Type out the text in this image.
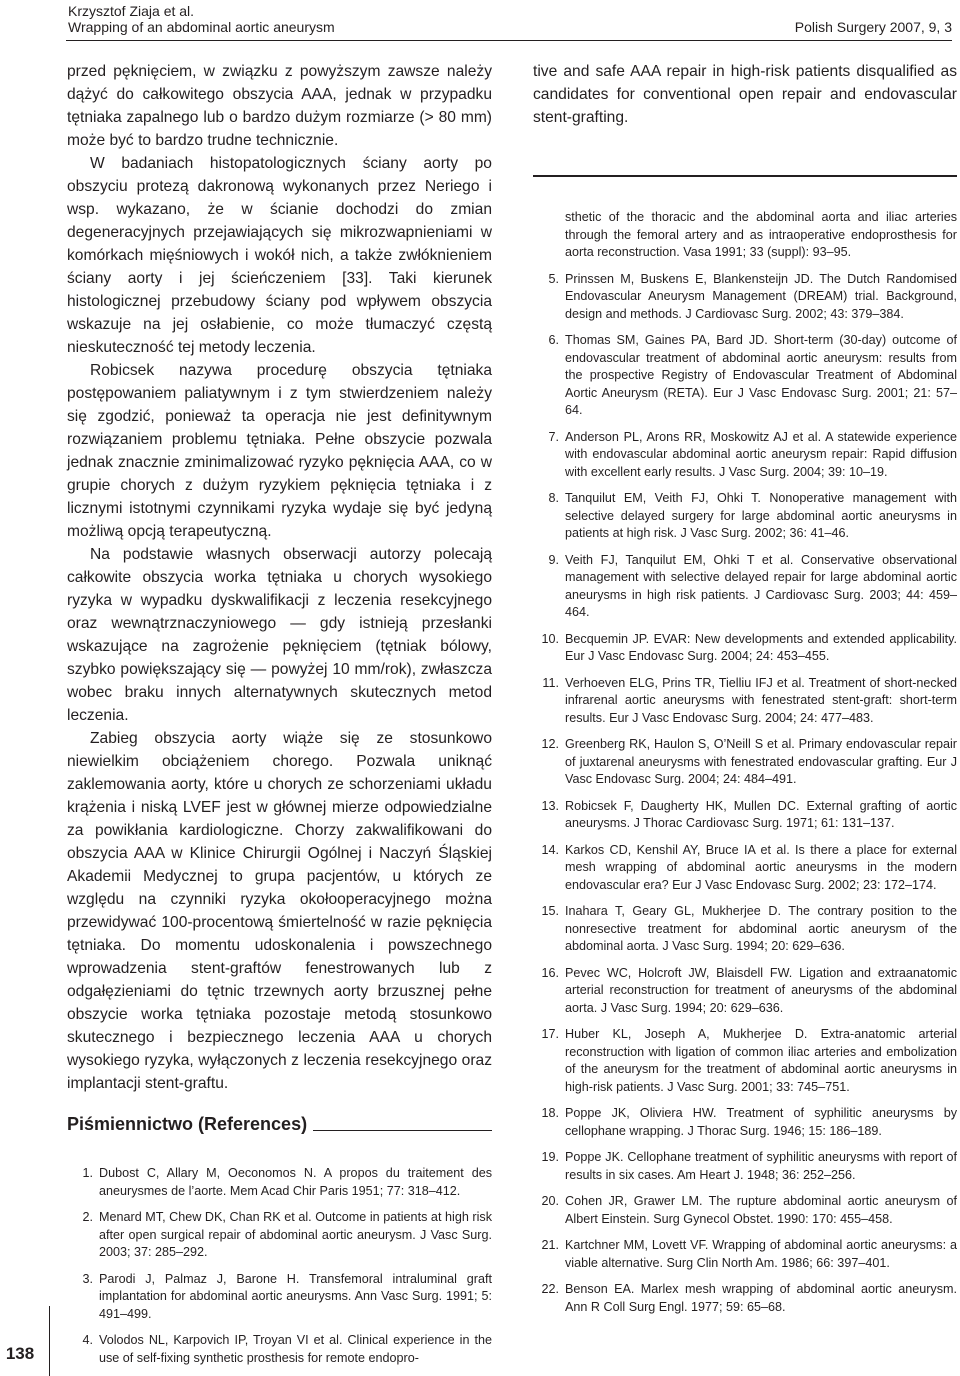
Krzysztof Ziaja et al.
Wrapping of an abdominal aortic aneurysm	Polish Surgery 2007, 9, 3

przed pęknięciem, w związku z powyższym zawsze należy dążyć do całkowitego obszycia AAA, jednak w przypadku tętniaka zapalnego lub o bardzo dużym rozmiarze (> 80 mm) może być to bardzo trudne technicznie.

W badaniach histopatologicznych ściany aorty po obszyciu protezą dakronową wykonanych przez Neriego i wsp. wykazano, że w ścianie dochodzi do zmian degeneracyjnych przejawiających się mikrozwapnieniami w komórkach mięśniowych i wokół nich, a także zwłóknieniem ściany aorty i jej ścieńczeniem [33]. Taki kierunek histologicznej przebudowy ściany pod wpływem obszycia wskazuje na jej osłabienie, co może tłumaczyć częstą nieskuteczność tej metody leczenia.

Robicsek nazywa procedurę obszycia tętniaka postępowaniem paliatywnym i z tym stwierdzeniem należy się zgodzić, ponieważ ta operacja nie jest definitywnym rozwiązaniem problemu tętniaka. Pełne obszycie pozwala jednak znacznie zminimalizować ryzyko pęknięcia AAA, co w grupie chorych z dużym ryzykiem pęknięcia tętniaka i z licznymi istotnymi czynnikami ryzyka wydaje się być jedyną możliwą opcją terapeutyczną.

Na podstawie własnych obserwacji autorzy polecają całkowite obszycia worka tętniaka u chorych wysokiego ryzyka w wypadku dyskwalifikacji z leczenia resekcyjnego oraz wewnątrznaczyniowego — gdy istnieją przesłanki wskazujące na zagrożenie pęknięciem (tętniak bólowy, szybko powiększający się — powyżej 10 mm/rok), zwłaszcza wobec braku innych alternatywnych skutecznych metod leczenia.

Zabieg obszycia aorty wiąże się ze stosunkowo niewielkim obciążeniem chorego. Pozwala uniknąć zaklemowania aorty, które u chorych ze schorzeniami układu krążenia i niską LVEF jest w głównej mierze odpowiedzialne za powikłania kardiologiczne. Chorzy zakwalifikowani do obszycia AAA w Klinice Chirurgii Ogólnej i Naczyń Śląskiej Akademii Medycznej to grupa pacjentów, u których ze względu na czynniki ryzyka okołooperacyjnego można przewidywać 100-procentową śmiertelność w razie pęknięcia tętniaka. Do momentu udoskonalenia i powszechnego wprowadzenia stent-graftów fenestrowanych lub z odgałęzieniami do tętnic trzewnych aorty brzusznej pełne obszycie worka tętniaka pozostaje metodą stosunkowo skutecznego i bezpiecznego leczenia AAA u chorych wysokiego ryzyka, wyłączonych z leczenia resekcyjnego oraz implantacji stent-graftu.

tive and safe AAA repair in high-risk patients disqualified as candidates for conventional open repair and endovascular stent-grafting.

Piśmiennictwo (References)
1. Dubost C, Allary M, Oeconomos N. A propos du traitement des aneurysmes de l’aorte. Mem Acad Chir Paris 1951; 77: 318–412.
2. Menard MT, Chew DK, Chan RK et al. Outcome in patients at high risk after open surgical repair of abdominal aortic aneurysm. J Vasc Surg. 2003; 37: 285–292.
3. Parodi J, Palmaz J, Barone H. Transfemoral intraluminal graft implantation for abdominal aortic aneurysms. Ann Vasc Surg. 1991; 5: 491–499.
4. Volodos NL, Karpovich IP, Troyan VI et al. Clinical experience in the use of self-fixing synthetic prosthesis for remote endopro-
sthetic of the thoracic and the abdominal aorta and iliac arteries through the femoral artery and as intraoperative endoprosthesis for aorta reconstruction. Vasa 1991; 33 (suppl): 93–95.
5. Prinssen M, Buskens E, Blankensteijn JD. The Dutch Randomised Endovascular Aneurysm Management (DREAM) trial. Background, design and methods. J Cardiovasc Surg. 2002; 43: 379–384.
6. Thomas SM, Gaines PA, Bard JD. Short-term (30-day) outcome of endovascular treatment of abdominal aortic aneurysm: results from the prospective Registry of Endovascular Treatment of Abdominal Aortic Aneurysm (RETA). Eur J Vasc Endovasc Surg. 2001; 21: 57–64.
7. Anderson PL, Arons RR, Moskowitz AJ et al. A statewide experience with endovascular abdominal aortic aneurysm repair: Rapid diffusion with excellent early results. J Vasc Surg. 2004; 39: 10–19.
8. Tanquilut EM, Veith FJ, Ohki T. Nonoperative management with selective delayed surgery for large abdominal aortic aneurysms in patients at high risk. J Vasc Surg. 2002; 36: 41–46.
9. Veith FJ, Tanquilut EM, Ohki T et al. Conservative observational management with selective delayed repair for large abdominal aortic aneurysms in high risk patients. J Cardiovasc Surg. 2003; 44: 459–464.
10. Becquemin JP. EVAR: New developments and extended applicability. Eur J Vasc Endovasc Surg. 2004; 24: 453–455.
11. Verhoeven ELG, Prins TR, Tielliu IFJ et al. Treatment of short-necked infrarenal aortic aneurysms with fenestrated stent-graft: short-term results. Eur J Vasc Endovasc Surg. 2004; 24: 477–483.
12. Greenberg RK, Haulon S, O’Neill S et al. Primary endovascular repair of juxtarenal aneurysms with fenestrated endovascular grafting. Eur J Vasc Endovasc Surg. 2004; 24: 484–491.
13. Robicsek F, Daugherty HK, Mullen DC. External grafting of aortic aneurysms. J Thorac Cardiovasc Surg. 1971; 61: 131–137.
14. Karkos CD, Kenshil AY, Bruce IA et al. Is there a place for external mesh wrapping of abdominal aortic aneurysms in the modern endovascular era? Eur J Vasc Endovasc Surg. 2002; 23: 172–174.
15. Inahara T, Geary GL, Mukherjee D. The contrary position to the nonresective treatment for abdominal aortic aneurysm of the abdominal aorta. J Vasc Surg. 1994; 20: 629–636.
16. Pevec WC, Holcroft JW, Blaisdell FW. Ligation and extraanatomic arterial reconstruction for treatment of aneurysms of the abdominal aorta. J Vasc Surg. 1994; 20: 629–636.
17. Huber KL, Joseph A, Mukherjee D. Extra-anatomic arterial reconstruction with ligation of common iliac arteries and embolization of the aneurysm for the treatment of abdominal aortic aneurysms in high-risk patients. J Vasc Surg. 2001; 33: 745–751.
18. Poppe JK, Oliviera HW. Treatment of syphilitic aneurysms by cellophane wrapping. J Thorac Surg. 1946; 15: 186–189.
19. Poppe JK. Cellophane treatment of syphilitic aneurysms with report of results in six cases. Am Heart J. 1948; 36: 252–256.
20. Cohen JR, Grawer LM. The rupture abdominal aortic aneurysm of Albert Einstein. Surg Gynecol Obstet. 1990: 170: 455–458.
21. Kartchner MM, Lovett VF. Wrapping of abdominal aortic aneurysms: a viable alternative. Surg Clin North Am. 1986; 66: 397–401.
22. Benson EA. Marlex mesh wrapping of abdominal aortic aneurysm. Ann R Coll Surg Engl. 1977; 59: 65–68.
138
